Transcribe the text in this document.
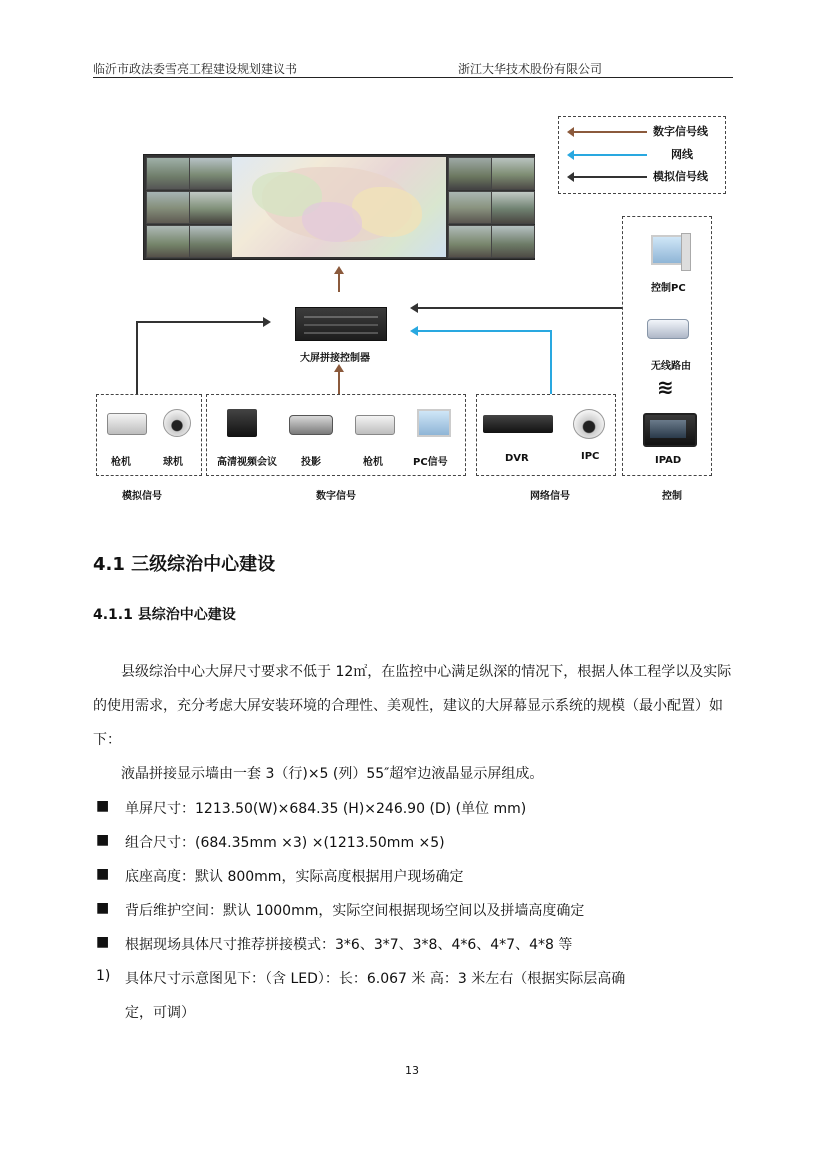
临沂市政法委雪亮工程建设规划建议书	浙江大华技术股份有限公司
数字信号线
网线
模拟信号线
大屏拼接控制器
枪机	球机
模拟信号
高清视频会议 投影	枪机	PC信号
数字信号
DVR	IPC
网络信号
控制PC
无线路由
≋
IPAD
控制
4.1 三级综治中心建设
4.1.1 县综治中心建设
县级综治中心大屏尺寸要求不低于 12㎡，在监控中心满足纵深的情况下，根据人体工程学以及实际的使用需求，充分考虑大屏安装环境的合理性、美观性，建议的大屏幕显示系统的规模（最小配置）如下：
液晶拼接显示墙由一套 3（行)×5 (列）55″超窄边液晶显示屏组成。
■ 单屏尺寸：1213.50(W)×684.35 (H)×246.90 (D) (单位 mm)
■ 组合尺寸：(684.35mm ×3) ×(1213.50mm ×5)
■ 底座高度：默认 800mm，实际高度根据用户现场确定
■ 背后维护空间：默认 1000mm，实际空间根据现场空间以及拼墙高度确定
■ 根据现场具体尺寸推荐拼接模式：3*6、3*7、3*8、4*6、4*7、4*8 等
1) 具体尺寸示意图见下：（含 LED）：长：6.067 米 高：3 米左右（根据实际层高确
定，可调）
13
